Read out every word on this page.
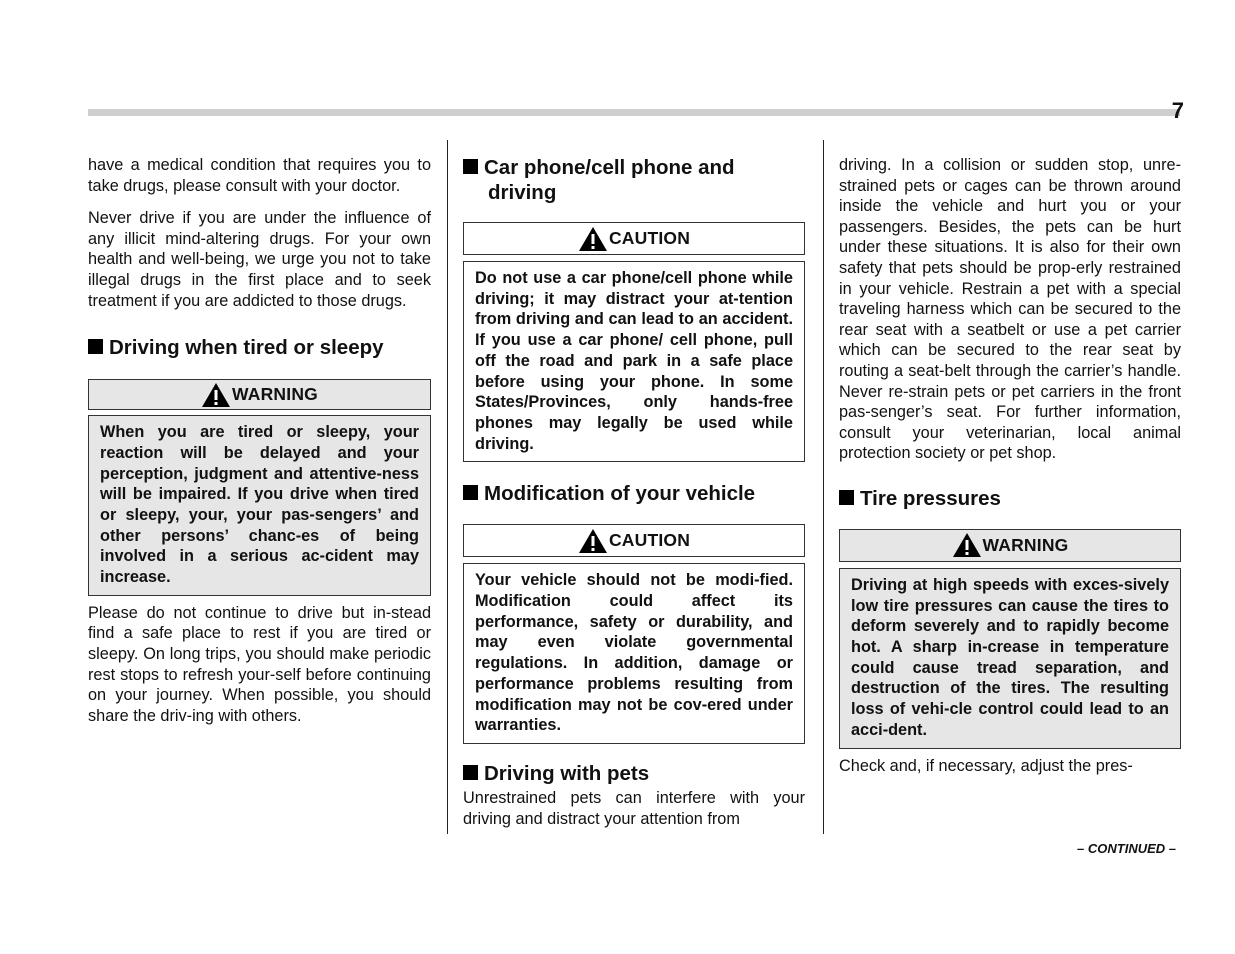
7

have a medical condition that requires you to take drugs, please consult with your doctor.

Never drive if you are under the influence of any illicit mind-altering drugs. For your own health and well-being, we urge you not to take illegal drugs in the first place and to seek treatment if you are addicted to those drugs.

Driving when tired or sleepy
WARNING
When you are tired or sleepy, your reaction will be delayed and your perception, judgment and attentive-ness will be impaired. If you drive when tired or sleepy, your, your pas-sengers’ and other persons’ chanc-es of being involved in a serious ac-cident may increase.

Please do not continue to drive but in-stead find a safe place to rest if you are tired or sleepy. On long trips, you should make periodic rest stops to refresh your-self before continuing on your journey. When possible, you should share the driv-ing with others.

Car phone/cell phone and driving
CAUTION
Do not use a car phone/cell phone while driving; it may distract your at-tention from driving and can lead to an accident. If you use a car phone/ cell phone, pull off the road and park in a safe place before using your phone. In some States/Provinces, only hands-free phones may legally be used while driving.
Modification of your vehicle
CAUTION
Your vehicle should not be modi-fied. Modification could affect its performance, safety or durability, and may even violate governmental regulations. In addition, damage or performance problems resulting from modification may not be cov-ered under warranties.
Driving with pets

Unrestrained pets can interfere with your driving and distract your attention from

driving. In a collision or sudden stop, unre-strained pets or cages can be thrown around inside the vehicle and hurt you or your passengers. Besides, the pets can be hurt under these situations. It is also for their own safety that pets should be prop-erly restrained in your vehicle. Restrain a pet with a special traveling harness which can be secured to the rear seat with a seatbelt or use a pet carrier which can be secured to the rear seat by routing a seat-belt through the carrier’s handle. Never re-strain pets or pet carriers in the front pas-senger’s seat. For further information, consult your veterinarian, local animal protection society or pet shop.

Tire pressures
WARNING
Driving at high speeds with exces-sively low tire pressures can cause the tires to deform severely and to rapidly become hot. A sharp in-crease in temperature could cause tread separation, and destruction of the tires. The resulting loss of vehi-cle control could lead to an acci-dent.

Check and, if necessary, adjust the pres-

– CONTINUED –
